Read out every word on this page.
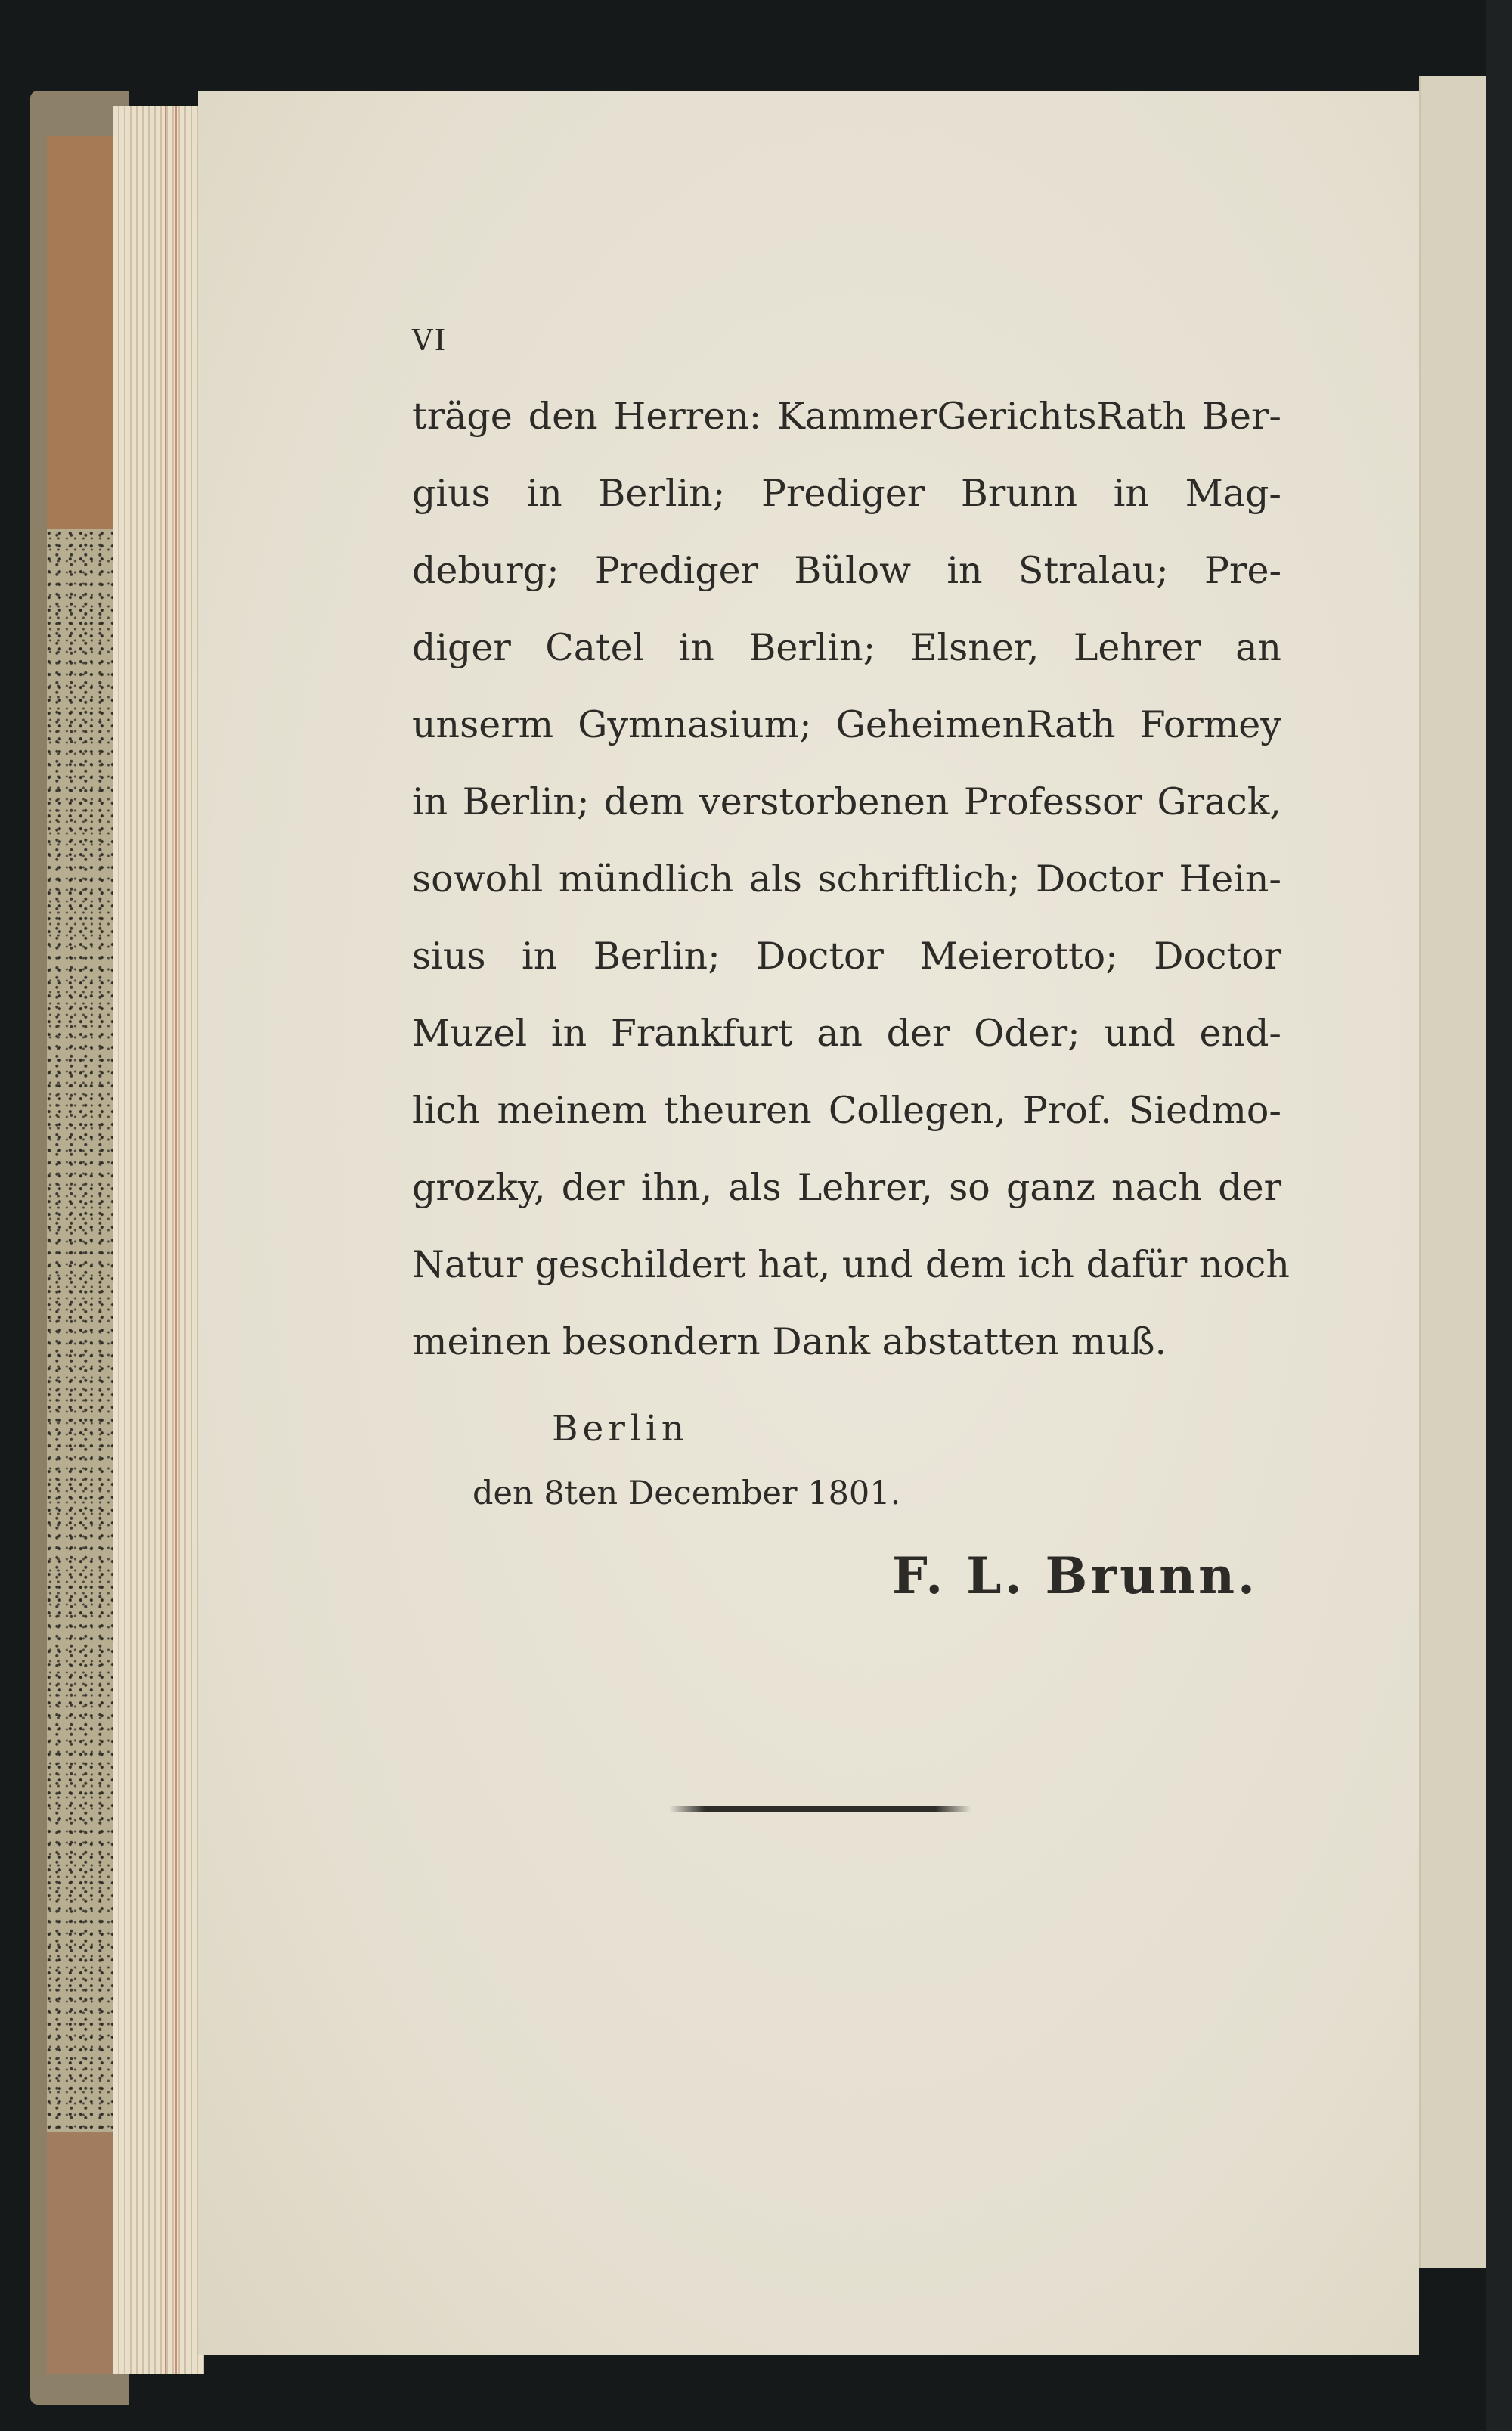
VI
träge den Herren: KammerGerichtsRath Ber-
gius in Berlin; Prediger Brunn in Mag-
deburg; Prediger Bülow in Stralau; Pre-
diger Catel in Berlin; Elsner, Lehrer an
unserm Gymnasium; GeheimenRath Formey
in Berlin; dem verstorbenen Professor Grack,
sowohl mündlich als schriftlich; Doctor Hein-
sius in Berlin; Doctor Meierotto; Doctor
Muzel in Frankfurt an der Oder; und end-
lich meinem theuren Collegen, Prof. Siedmo-
grozky, der ihn, als Lehrer, so ganz nach der
Natur geschildert hat, und dem ich dafür noch
meinen besondern Dank abstatten muß.
Berlin
den 8ten December 1801.
F. L. Brunn.
